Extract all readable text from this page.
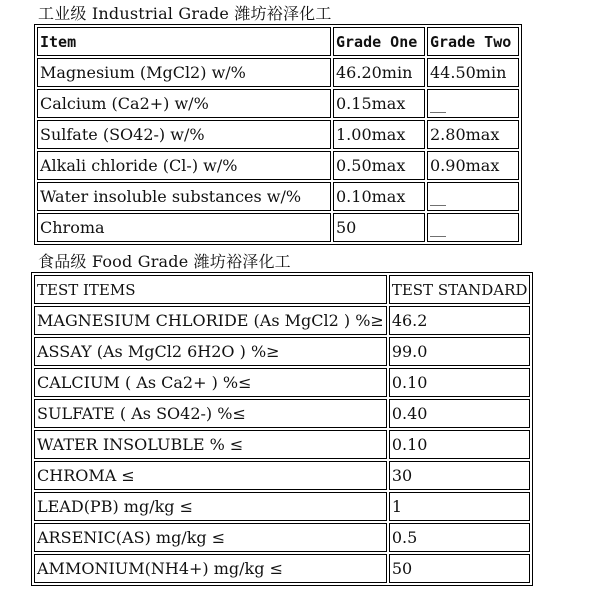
工业级 Industrial Grade 潍坊裕泽化工
Item	Grade One	Grade Two
Magnesium (MgCl2) w/%	46.20min	44.50min
Calcium (Ca2+) w/%	0.15max	__
Sulfate (SO42-) w/%	1.00max	2.80max
Alkali chloride (Cl-) w/%	0.50max	0.90max
Water insoluble substances w/%	0.10max	__
Chroma	50	__
食品级 Food Grade 潍坊裕泽化工
TEST ITEMS	TEST STANDARD
MAGNESIUM CHLORIDE (As MgCl2 ) %≥	46.2
ASSAY (As MgCl2 6H2O ) %≥	99.0
CALCIUM ( As Ca2+ ) %≤	0.10
SULFATE ( As SO42-) %≤	0.40
WATER INSOLUBLE % ≤	0.10
CHROMA ≤	30
LEAD(PB) mg/kg ≤	1
ARSENIC(AS) mg/kg ≤	0.5
AMMONIUM(NH4+) mg/kg ≤	50
